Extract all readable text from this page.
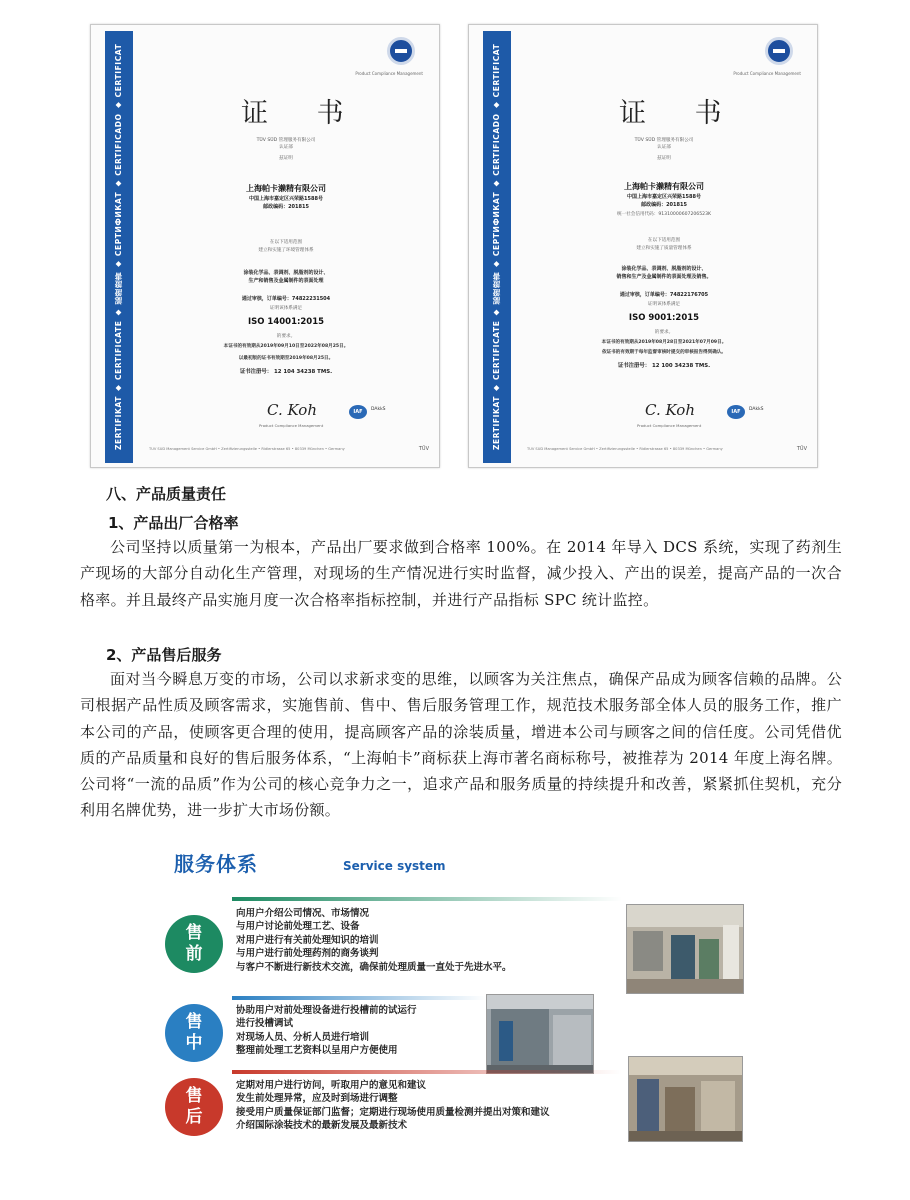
ZERTIFIKAT ◆ CERTIFICATE ◆ 認證證書 ◆ СЕРТИФИКАТ ◆ CERTIFICADO ◆ CERTIFICAT	Product Compliance Management
证 书
TÜV SÜD 管理服务有限公司
认证部
兹证明
上海帕卡濑精有限公司
中国上海市嘉定区兴荣路1588号
邮政编码：201815
在以下适用范围
建立和实施了环境管理体系
涂装化学品、表调剂、脱脂剂的设计、
生产和销售及金属制件的表面处理
通过审核，订单编号：74822231504
证明该体系满足
ISO 14001:2015
的要求。
本证书的有效期从2019年09月10日至2022年08月25日。
以最初版的证书有效期至2019年08月25日。
证书注册号： 12 104 34238 TMS.
C. Koh
Product Compliance Management
IAF	DAkkS
TÜV SÜD Management Service GmbH • Zertifizierungsstelle • Ridlerstrasse 65 • 80339 München • Germany	TÜV	ZERTIFIKAT ◆ CERTIFICATE ◆ 認證證書 ◆ СЕРТИФИКАТ ◆ CERTIFICADO ◆ CERTIFICAT	Product Compliance Management
证 书
TÜV SÜD 管理服务有限公司
认证部
兹证明
上海帕卡濑精有限公司
中国上海市嘉定区兴荣路1588号
邮政编码：201815
统一社会信用代码：91310000607206523K
在以下适用范围
建立和实施了质量管理体系
涂装化学品、表调剂、脱脂剂的设计、
销售和生产及金属制件的表面处理及销售。
通过审核，订单编号：74822176705
证明该体系满足
ISO 9001:2015
的要求。
本证书的有效期从2019年08月28日至2021年07月09日。
依证书的有效期于每年监督审核时提交的审核报告得到确认。
证书注册号： 12 100 34238 TMS.
C. Koh
Product Compliance Management
IAF	DAkkS
TÜV SÜD Management Service GmbH • Zertifizierungsstelle • Ridlerstrasse 65 • 80339 München • Germany	TÜV
八、产品质量责任
1、产品出厂合格率
公司坚持以质量第一为根本，产品出厂要求做到合格率 100%。在 2014 年导入 DCS 系统，实现了药剂生产现场的大部分自动化生产管理，对现场的生产情况进行实时监督，减少投入、产出的误差，提高产品的一次合格率。并且最终产品实施月度一次合格率指标控制，并进行产品指标 SPC 统计监控。
2、产品售后服务
面对当今瞬息万变的市场，公司以求新求变的思维，以顾客为关注焦点，确保产品成为顾客信赖的品牌。公司根据产品性质及顾客需求，实施售前、售中、售后服务管理工作，规范技术服务部全体人员的服务工作，推广本公司的产品，使顾客更合理的使用，提高顾客产品的涂装质量，增进本公司与顾客之间的信任度。公司凭借优质的产品质量和良好的售后服务体系，“上海帕卡”商标获上海市著名商标称号，被推荐为 2014 年度上海名牌。公司将“一流的品质”作为公司的核心竞争力之一，追求产品和服务质量的持续提升和改善，紧紧抓住契机，充分利用名牌优势，进一步扩大市场份额。
服务体系	Service system
售
前
向用户介绍公司情况、市场情况
与用户讨论前处理工艺、设备
对用户进行有关前处理知识的培训
与用户进行前处理药剂的商务谈判
与客户不断进行新技术交流，确保前处理质量一直处于先进水平。
售
中
协助用户对前处理设备进行投槽前的试运行
进行投槽调试
对现场人员、分析人员进行培训
整理前处理工艺资料以呈用户方便使用
售
后
定期对用户进行访问，听取用户的意见和建议
发生前处理异常，应及时到场进行调整
接受用户质量保证部门监督；定期进行现场使用质量检测并提出对策和建议
介绍国际涂装技术的最新发展及最新技术
